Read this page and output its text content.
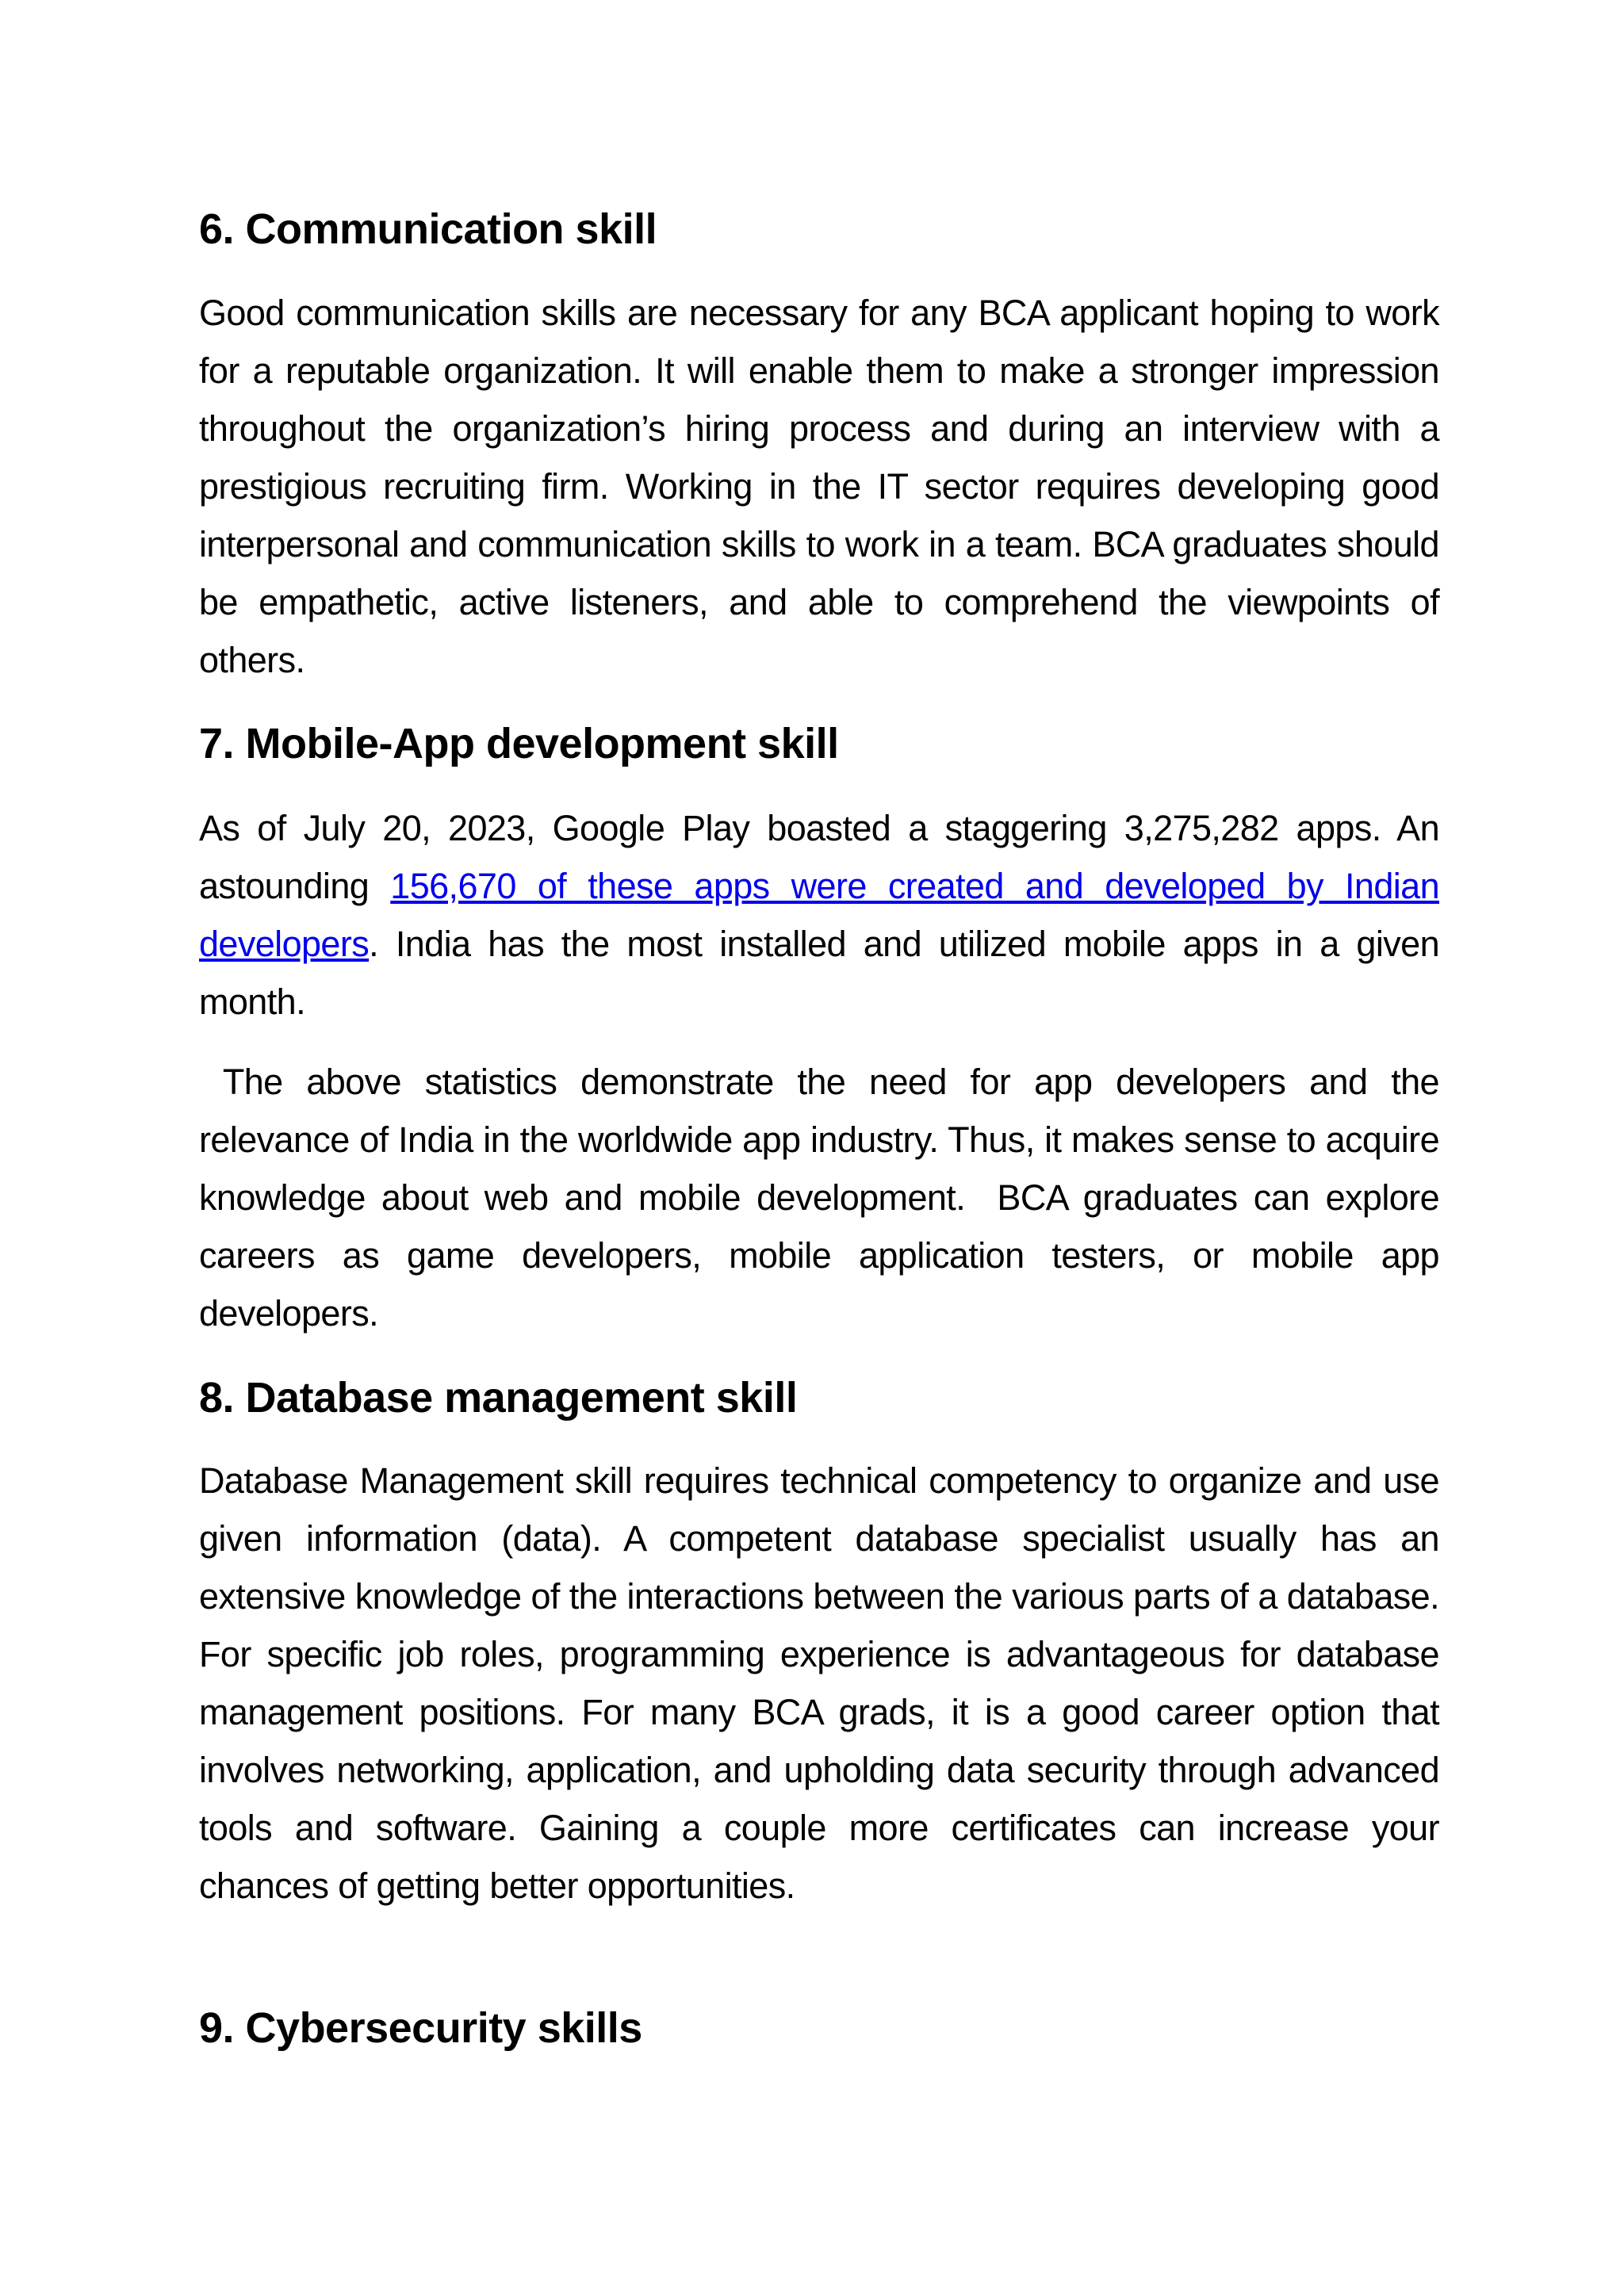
6. Communication skill

Good communication skills are necessary for any BCA applicant hoping to work for a reputable organization. It will enable them to make a stronger impression throughout the organization’s hiring process and during an interview with a prestigious recruiting firm. Working in the IT sector requires developing good interpersonal and communication skills to work in a team. BCA graduates should be empathetic, active listeners, and able to comprehend the viewpoints of others.

7. Mobile-App development skill

As of July 20, 2023, Google Play boasted a staggering 3,275,282 apps. An astounding 156,670 of these apps were created and developed by Indian developers. India has the most installed and utilized mobile apps in a given month.

The above statistics demonstrate the need for app developers and the relevance of India in the worldwide app industry. Thus, it makes sense to acquire knowledge about web and mobile development.  BCA graduates can explore careers as game developers, mobile application testers, or mobile app developers.

8. Database management skill

Database Management skill requires technical competency to organize and use given information (data). A competent database specialist usually has an extensive knowledge of the interactions between the various parts of a database. For specific job roles, programming experience is advantageous for database management positions. For many BCA grads, it is a good career option that involves networking, application, and upholding data security through advanced tools and software. Gaining a couple more certificates can increase your chances of getting better opportunities.

9. Cybersecurity skills
